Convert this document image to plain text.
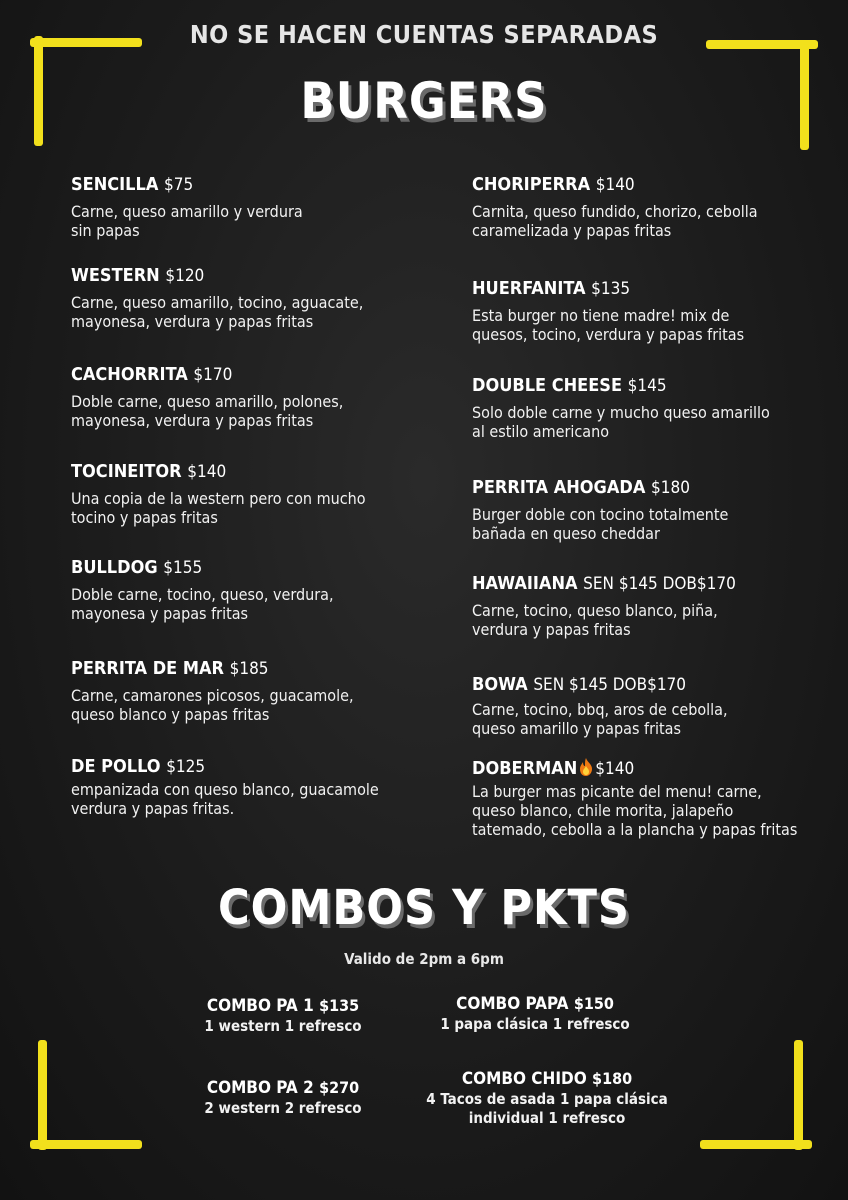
NO SE HACEN CUENTAS SEPARADAS
BURGERS
SENCILLA $75
Carne, queso amarillo y verdura
sin papas
WESTERN $120
Carne, queso amarillo, tocino, aguacate,
mayonesa, verdura y papas fritas
CACHORRITA $170
Doble carne, queso amarillo, polones,
mayonesa, verdura y papas fritas
TOCINEITOR $140
Una copia de la western pero con mucho
tocino y papas fritas
BULLDOG $155
Doble carne, tocino, queso, verdura,
mayonesa y papas fritas
PERRITA DE MAR $185
Carne, camarones picosos, guacamole,
queso blanco y papas fritas
DE POLLO $125
empanizada con queso blanco, guacamole
verdura y papas fritas.
CHORIPERRA $140
Carnita, queso fundido, chorizo, cebolla
caramelizada y papas fritas
HUERFANITA $135
Esta burger no tiene madre! mix de
quesos, tocino, verdura y papas fritas
DOUBLE CHEESE $145
Solo doble carne y mucho queso amarillo
al estilo americano
PERRITA AHOGADA $180
Burger doble con tocino totalmente
bañada en queso cheddar
HAWAIIANA SEN $145 DOB$170
Carne, tocino, queso blanco, piña,
verdura y papas fritas
BOWA SEN $145 DOB$170
Carne, tocino, bbq, aros de cebolla,
queso amarillo y papas fritas
DOBERMAN $140
La burger mas picante del menu! carne,
queso blanco, chile morita, jalapeño
tatemado, cebolla a la plancha y papas fritas
COMBOS Y PKTS
Valido de 2pm a 6pm
COMBO PA 1 $135
1 western 1 refresco
COMBO PAPA $150
1 papa clásica 1 refresco
COMBO PA 2 $270
2 western 2 refresco
COMBO CHIDO $180
4 Tacos de asada 1 papa clásica
individual 1 refresco
